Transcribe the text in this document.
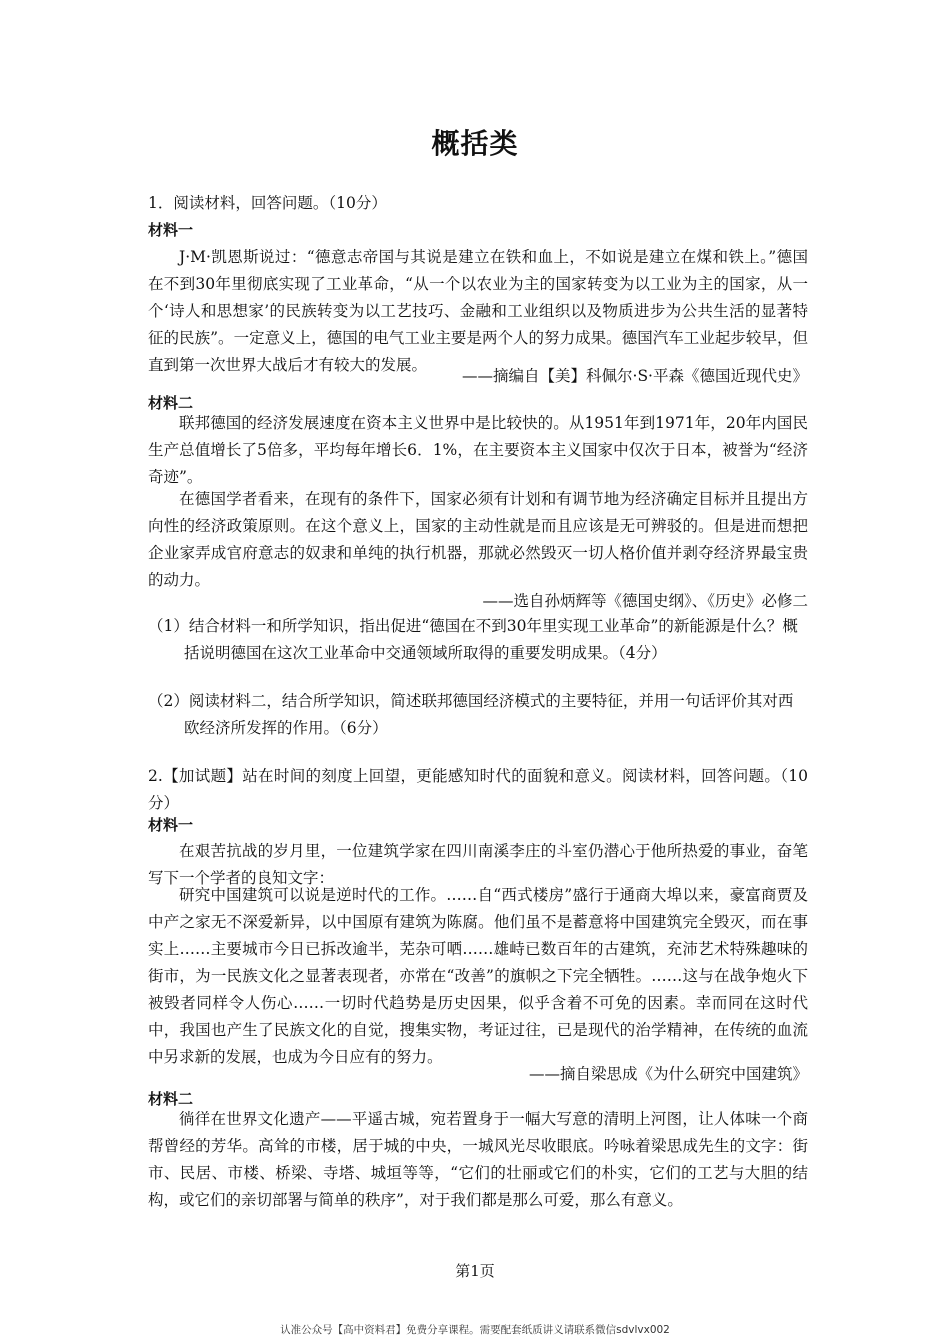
概括类
1．阅读材料，回答问题。（10分）
材料一
J·M·凯恩斯说过：“德意志帝国与其说是建立在铁和血上，不如说是建立在煤和铁上。”德国在不到30年里彻底实现了工业革命，“从一个以农业为主的国家转变为以工业为主的国家，从一个‘诗人和思想家’的民族转变为以工艺技巧、金融和工业组织以及物质进步为公共生活的显著特征的民族”。一定意义上，德国的电气工业主要是两个人的努力成果。德国汽车工业起步较早，但直到第一次世界大战后才有较大的发展。
——摘编自【美】科佩尔·S·平森《德国近现代史》
材料二
联邦德国的经济发展速度在资本主义世界中是比较快的。从1951年到1971年，20年内国民生产总值增长了5倍多，平均每年增长6．1%，在主要资本主义国家中仅次于日本，被誉为“经济奇迹”。
在德国学者看来，在现有的条件下，国家必须有计划和有调节地为经济确定目标并且提出方向性的经济政策原则。在这个意义上，国家的主动性就是而且应该是无可辨驳的。但是进而想把企业家弄成官府意志的奴隶和单纯的执行机器，那就必然毁灭一切人格价值并剥夺经济界最宝贵的动力。
——选自孙炳辉等《德国史纲》、《历史》必修二
（1）结合材料一和所学知识，指出促进“德国在不到30年里实现工业革命”的新能源是什么？概括说明德国在这次工业革命中交通领域所取得的重要发明成果。（4分）
（2）阅读材料二，结合所学知识，简述联邦德国经济模式的主要特征，并用一句话评价其对西欧经济所发挥的作用。（6分）
2.【加试题】站在时间的刻度上回望，更能感知时代的面貌和意义。阅读材料，回答问题。（10分）
材料一
在艰苦抗战的岁月里，一位建筑学家在四川南溪李庄的斗室仍潜心于他所热爱的事业，奋笔写下一个学者的良知文字：
研究中国建筑可以说是逆时代的工作。……自“西式楼房”盛行于通商大埠以来，豪富商贾及中产之家无不深爱新异，以中国原有建筑为陈腐。他们虽不是蓄意将中国建筑完全毁灭，而在事实上……主要城市今日已拆改逾半，芜杂可哂……雄峙已数百年的古建筑，充沛艺术特殊趣味的街市，为一民族文化之显著表现者，亦常在“改善”的旗帜之下完全牺牲。……这与在战争炮火下被毁者同样令人伤心……一切时代趋势是历史因果，似乎含着不可免的因素。幸而同在这时代中，我国也产生了民族文化的自觉，搜集实物，考证过往，已是现代的治学精神，在传统的血流中另求新的发展，也成为今日应有的努力。
——摘自梁思成《为什么研究中国建筑》
材料二
徜徉在世界文化遗产——平遥古城，宛若置身于一幅大写意的清明上河图，让人体味一个商帮曾经的芳华。高耸的市楼，居于城的中央，一城风光尽收眼底。吟咏着梁思成先生的文字：街市、民居、市楼、桥梁、寺塔、城垣等等，“它们的壮丽或它们的朴实，它们的工艺与大胆的结构，或它们的亲切部署与简单的秩序”，对于我们都是那么可爱，那么有意义。
第1页
认准公众号【高中资料君】免费分享课程。需要配套纸质讲义请联系微信sdvlvx002
